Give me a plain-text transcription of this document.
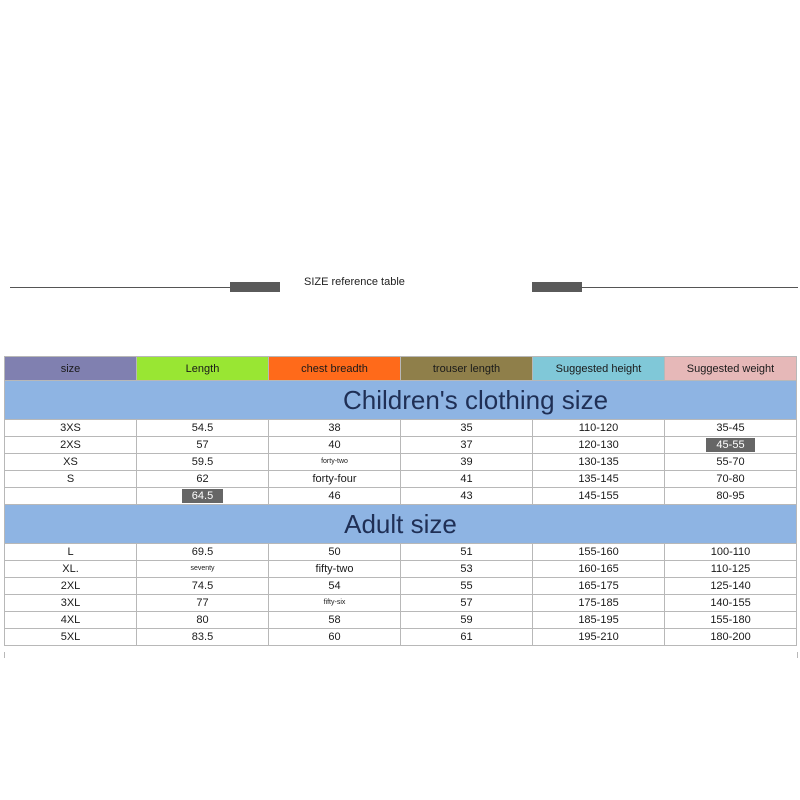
SIZE reference table
size	Length	chest breadth	trouser length	Suggested height	Suggested weight
Children's clothing size					
3XS	54.5	38	35	110-120	35-45
2XS	57	40	37	120-130	45-55
XS	59.5	forty-two	39	130-135	55-70
S	62	forty-four	41	135-145	70-80
	64.5	46	43	145-155	80-95
Adult size					
L	69.5	50	51	155-160	100-110
XL.	seventy	fifty-two	53	160-165	110-125
2XL	74.5	54	55	165-175	125-140
3XL	77	fifty-six	57	175-185	140-155
4XL	80	58	59	185-195	155-180
5XL	83.5	60	61	195-210	180-200
